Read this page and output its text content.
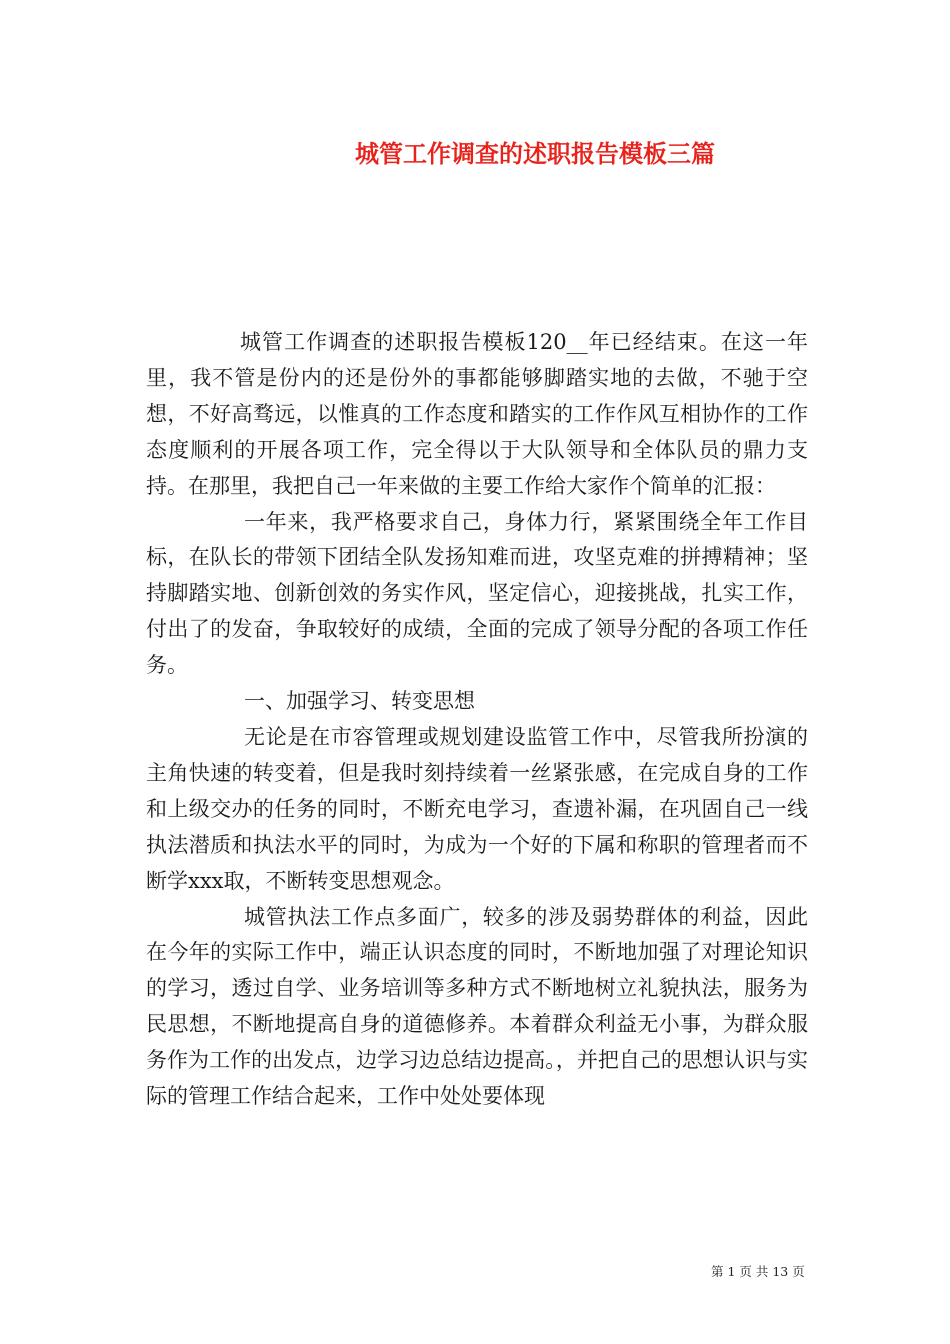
城管工作调查的述职报告模板三篇

城管工作调查的述职报告模板120__年已经结束。在这一年里，我不管是份内的还是份外的事都能够脚踏实地的去做，不驰于空想，不好高骛远，以惟真的工作态度和踏实的工作作风互相协作的工作态度顺利的开展各项工作，完全得以于大队领导和全体队员的鼎力支持。在那里，我把自己一年来做的主要工作给大家作个简单的汇报：

一年来，我严格要求自己，身体力行，紧紧围绕全年工作目标，在队长的带领下团结全队发扬知难而进，攻坚克难的拼搏精神；坚持脚踏实地、创新创效的务实作风，坚定信心，迎接挑战，扎实工作，付出了的发奋，争取较好的成绩，全面的完成了领导分配的各项工作任务。

一、加强学习、转变思想

无论是在市容管理或规划建设监管工作中，尽管我所扮演的主角快速的转变着，但是我时刻持续着一丝紧张感，在完成自身的工作和上级交办的任务的同时，不断充电学习，查遗补漏，在巩固自己一线执法潜质和执法水平的同时，为成为一个好的下属和称职的管理者而不断学xxx取，不断转变思想观念。

城管执法工作点多面广，较多的涉及弱势群体的利益，因此在今年的实际工作中，端正认识态度的同时，不断地加强了对理论知识的学习，透过自学、业务培训等多种方式不断地树立礼貌执法，服务为民思想，不断地提高自身的道德修养。本着群众利益无小事，为群众服务作为工作的出发点，边学习边总结边提高。，并把自己的思想认识与实际的管理工作结合起来，工作中处处要体现

第 1 页 共 13 页
